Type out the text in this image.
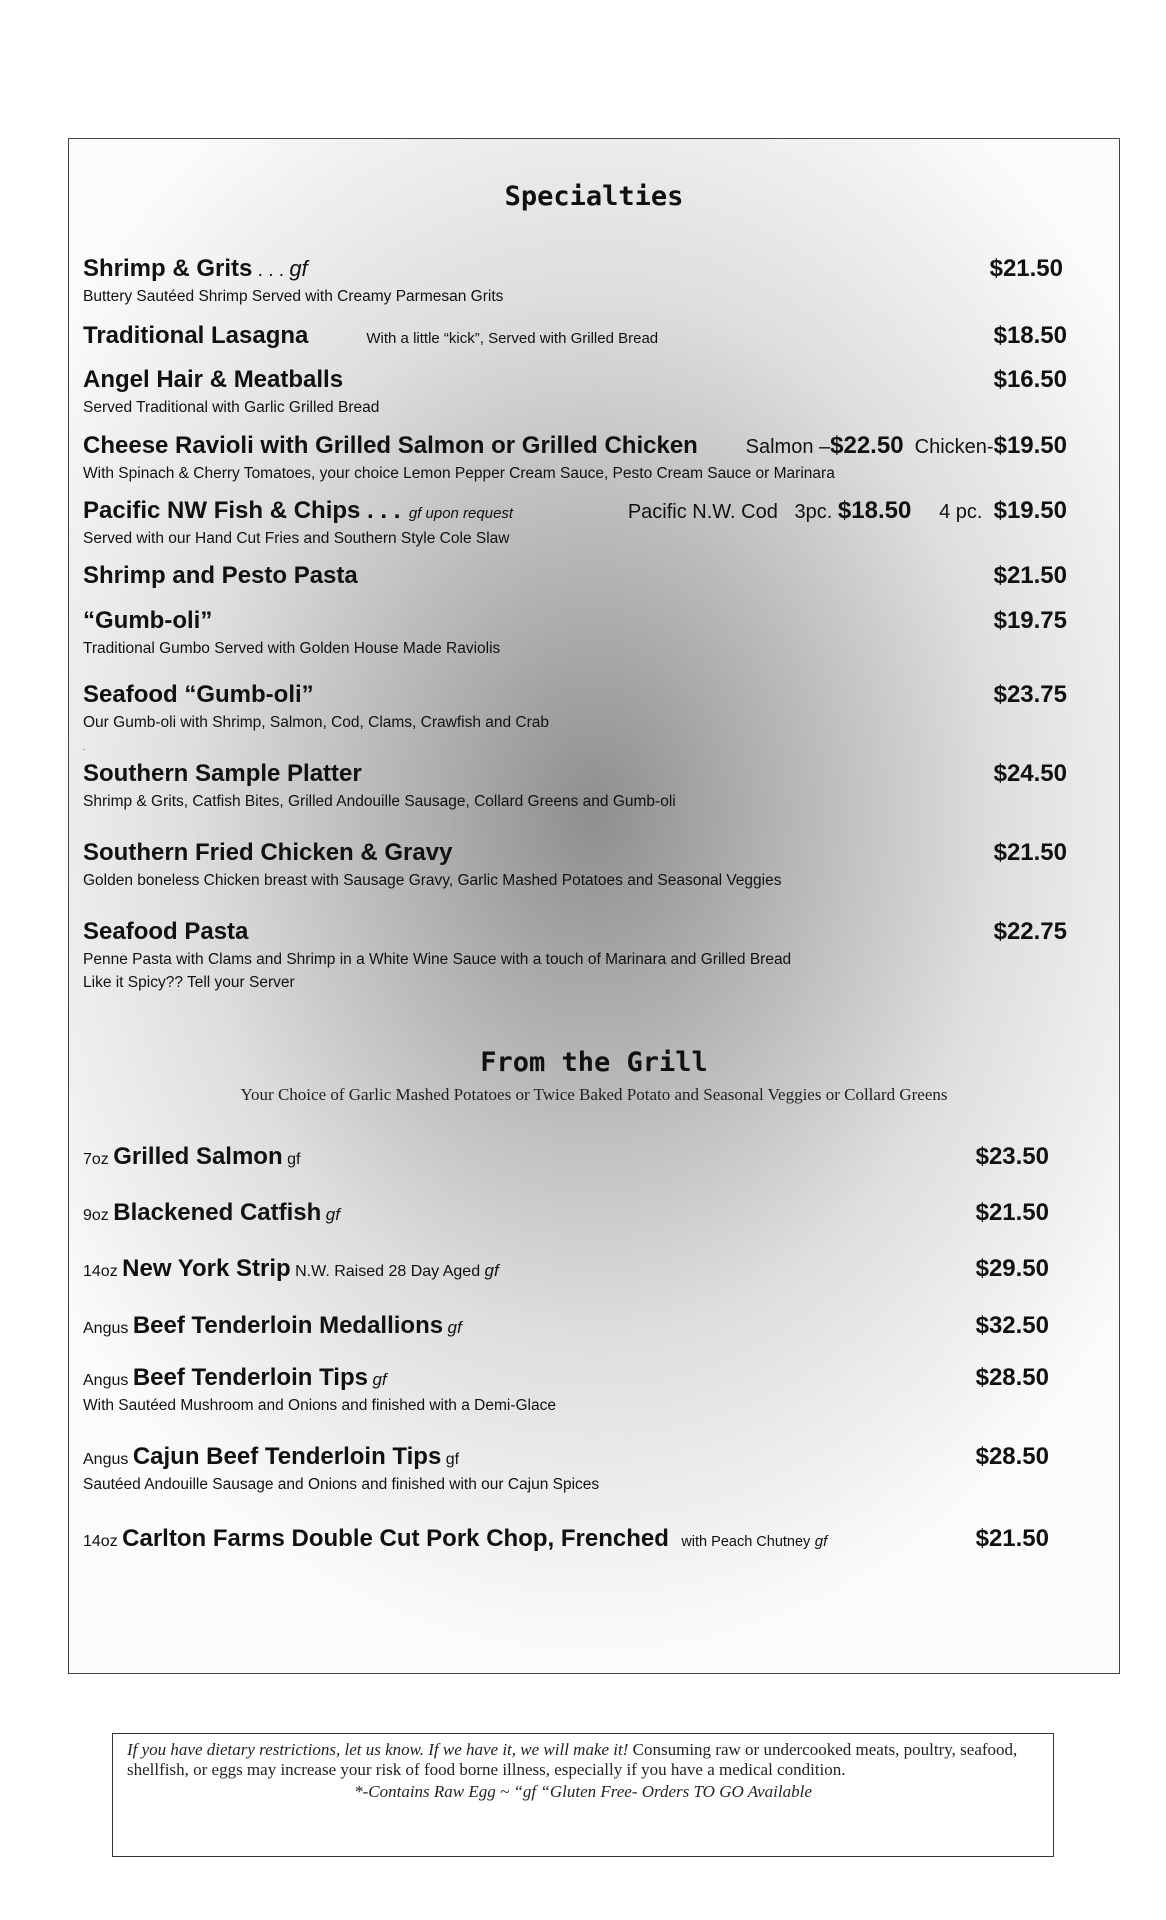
Specialties
Shrimp & Grits . . . gf	$21.50
Buttery Sautéed Shrimp Served with Creamy Parmesan Grits
Traditional Lasagna	With a little “kick”, Served with Grilled Bread	$18.50
Angel Hair & Meatballs	$16.50
Served Traditional with Garlic Grilled Bread
Cheese Ravioli with Grilled Salmon or Grilled Chicken Salmon –$22.50 Chicken-$19.50
With Spinach & Cherry Tomatoes, your choice Lemon Pepper Cream Sauce, Pesto Cream Sauce or Marinara
Pacific NW Fish & Chips . . . gf upon request	Pacific N.W. Cod 3pc. $18.50 4 pc. $19.50
Served with our Hand Cut Fries and Southern Style Cole Slaw
Shrimp and Pesto Pasta	$21.50
“Gumb-oli”	$19.75
Traditional Gumbo Served with Golden House Made Raviolis
Seafood “Gumb-oli”	$23.75
Our Gumb-oli with Shrimp, Salmon, Cod, Clams, Crawfish and Crab
.
Southern Sample Platter	$24.50
Shrimp & Grits, Catfish Bites, Grilled Andouille Sausage, Collard Greens and Gumb-oli
Southern Fried Chicken & Gravy	$21.50
Golden boneless Chicken breast with Sausage Gravy, Garlic Mashed Potatoes and Seasonal Veggies
Seafood Pasta	$22.75
Penne Pasta with Clams and Shrimp in a White Wine Sauce with a touch of Marinara and Grilled Bread
Like it Spicy?? Tell your Server
From the Grill
Your Choice of Garlic Mashed Potatoes or Twice Baked Potato and Seasonal Veggies or Collard Greens
7oz Grilled Salmon gf	$23.50
9oz Blackened Catfish gf	$21.50
14oz New York Strip N.W. Raised 28 Day Aged gf	$29.50
Angus Beef Tenderloin Medallions gf	$32.50
Angus Beef Tenderloin Tips gf	$28.50
With Sautéed Mushroom and Onions and finished with a Demi-Glace
Angus Cajun Beef Tenderloin Tips gf	$28.50
Sautéed Andouille Sausage and Onions and finished with our Cajun Spices
14oz Carlton Farms Double Cut Pork Chop, Frenched with Peach Chutney gf	$21.50
If you have dietary restrictions, let us know. If we have it, we will make it! Consuming raw or undercooked meats, poultry, seafood, shellfish, or eggs may increase your risk of food borne illness, especially if you have a medical condition.
*-Contains Raw Egg ~ “gf “Gluten Free- Orders TO GO Available
